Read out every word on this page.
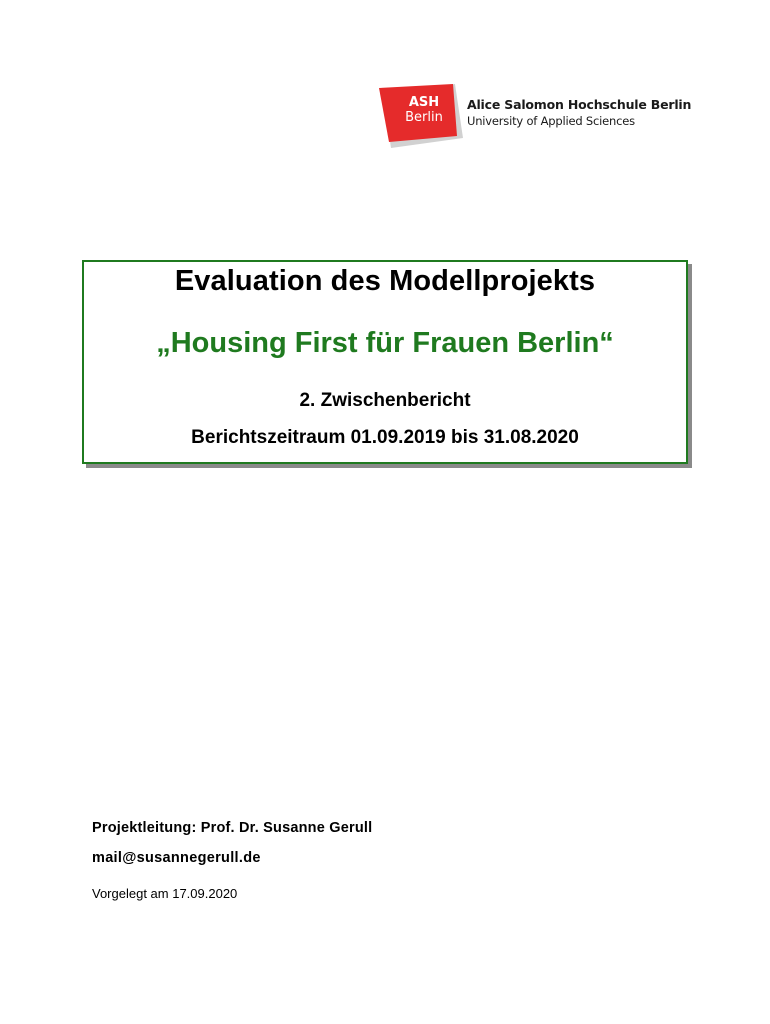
ASH
Berlin
Alice Salomon Hochschule Berlin
University of Applied Sciences
Evaluation des Modellprojekts
„Housing First für Frauen Berlin“
2. Zwischenbericht
Berichtszeitraum 01.09.2019 bis 31.08.2020
Projektleitung: Prof. Dr. Susanne Gerull
mail@susannegerull.de
Vorgelegt am 17.09.2020
